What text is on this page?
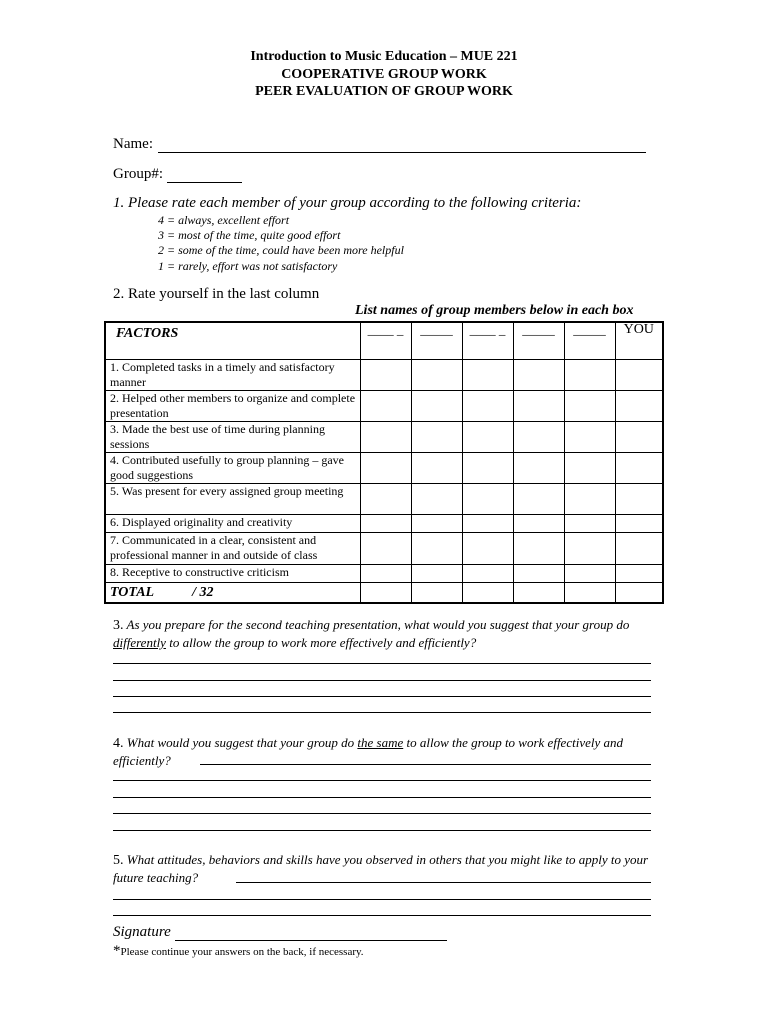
Introduction to Music Education – MUE 221
COOPERATIVE GROUP WORK
PEER EVALUATION OF GROUP WORK
Name:
Group#:
1. Please rate each member of your group according to the following criteria:
4 = always, excellent effort
3 = most of the time, quite good effort
2 = some of the time, could have been more helpful
1 = rarely, effort was not satisfactory
2. Rate yourself in the last column
List names of group members below in each box
FACTORS	____ _	_____	____ _	_____	_____	YOU
1. Completed tasks in a timely and satisfactory manner						
2. Helped other members to organize and complete presentation						
3. Made the best use of time during planning sessions						
4. Contributed usefully to group planning – gave good suggestions						
5. Was present for every assigned group meeting						
6. Displayed originality and creativity						
7. Communicated in a clear, consistent and professional manner in and outside of class						
8. Receptive to constructive criticism						
TOTAL / 32						
3. As you prepare for the second teaching presentation, what would you suggest that your group do differently to allow the group to work more effectively and efficiently?
4. What would you suggest that your group do the same to allow the group to work effectively and efficiently?
5. What attitudes, behaviors and skills have you observed in others that you might like to apply to your future teaching?
Signature
*Please continue your answers on the back, if necessary.
